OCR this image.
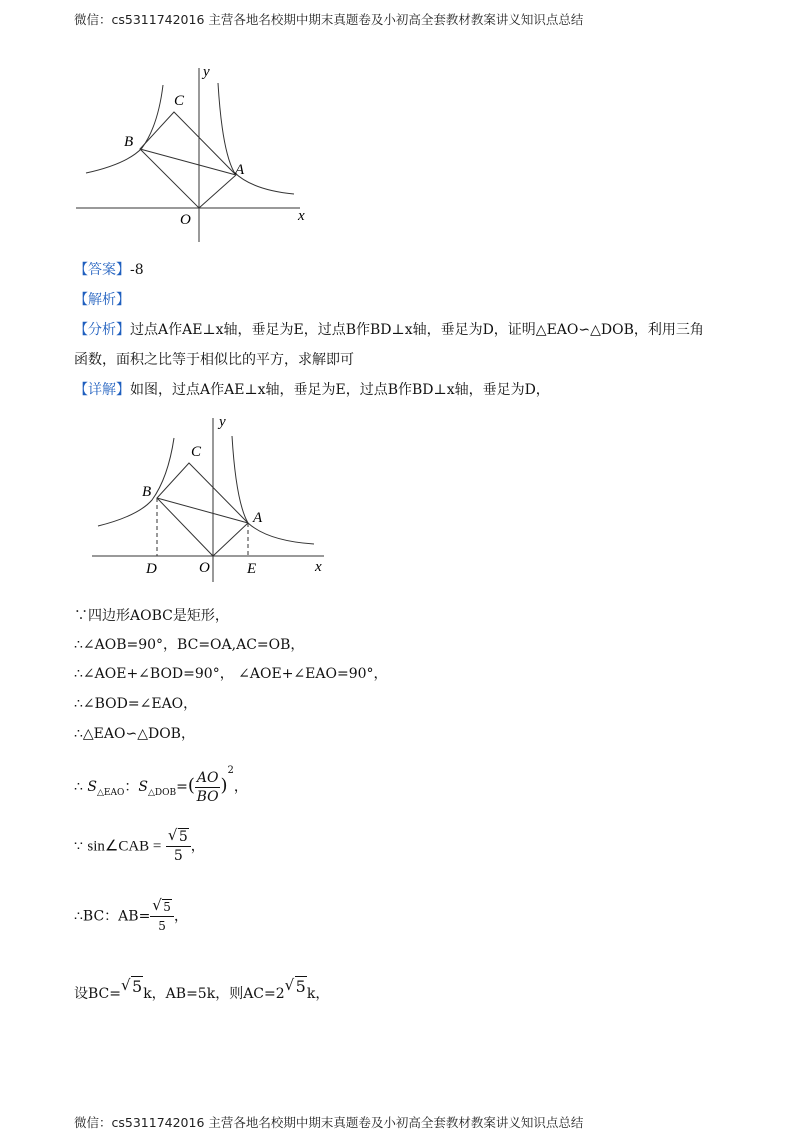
微信：cs5311742016 主营各地名校期中期末真题卷及小初高全套教材教案讲义知识点总结
y
C
B
A
O	x
【答案】-8
【解析】
【分析】过点A作AE⊥x轴，垂足为E，过点B作BD⊥x轴，垂足为D，证明△EAO∽△DOB，利用三角
函数，面积之比等于相似比的平方，求解即可
【详解】如图，过点A作AE⊥x轴，垂足为E，过点B作BD⊥x轴，垂足为D，
y
C
B
A
D	O E	x
∵四边形AOBC是矩形，
∴∠AOB=90°，BC=OA,AC=OB，
∴∠AOE+∠BOD=90°， ∠AOE+∠EAO=90°，
∴∠BOD=∠EAO，
∴△EAO∽△DOB，
∴ $S_{\triangle EAO}$：$S_{\triangle DOB}=( \frac{AO}{BO} )^2$，
∵ sin∠CAB = $\frac{√ 5}{5}$ ，
∴BC：$AB= \frac{√ 5}{5}$ ，
设BC= √ 5k，AB=5k，则AC=2 √ 5k，
微信：cs5311742016 主营各地名校期中期末真题卷及小初高全套教材教案讲义知识点总结
